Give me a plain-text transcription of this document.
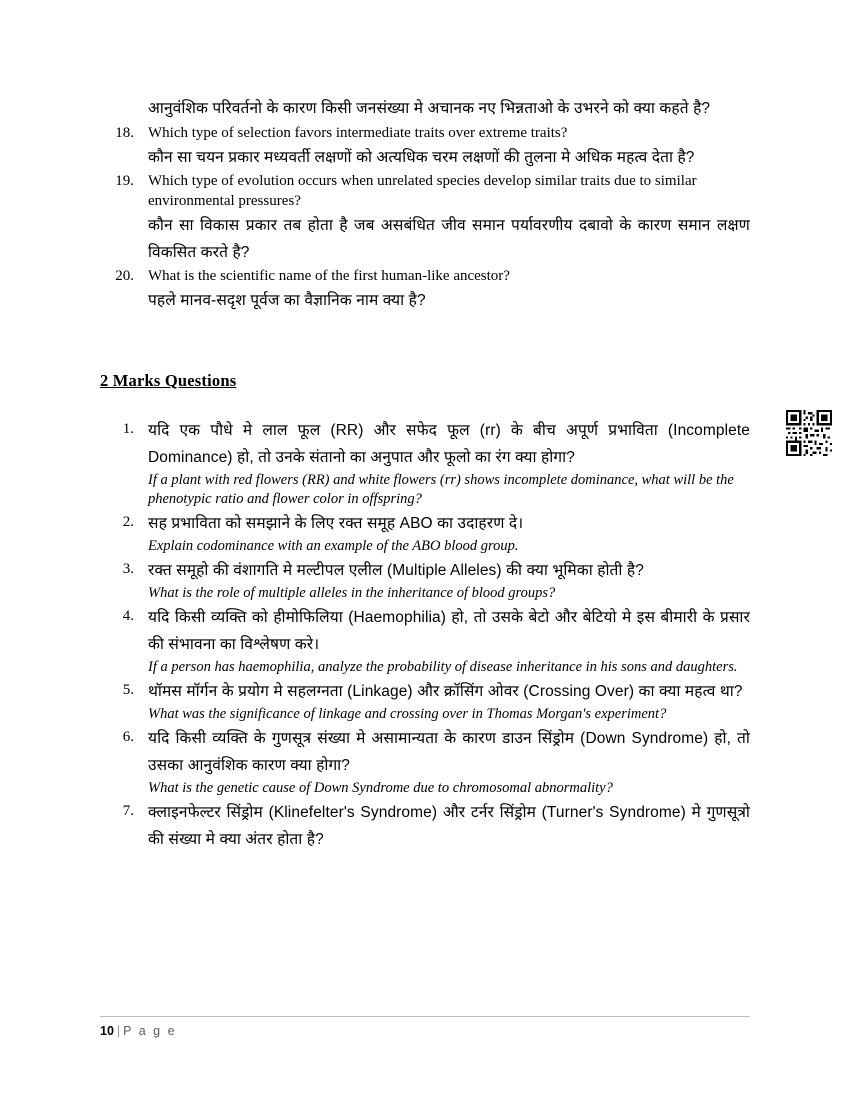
आनुवंशिक परिवर्तनो के कारण किसी जनसंख्या मे अचानक नए भिन्नताओ के उभरने को क्या कहते है?
18. Which type of selection favors intermediate traits over extreme traits?
कौन सा चयन प्रकार मध्यवर्ती लक्षणों को अत्यधिक चरम लक्षणों की तुलना मे अधिक महत्व देता है?
19. Which type of evolution occurs when unrelated species develop similar traits due to similar environmental pressures?
कौन सा विकास प्रकार तब होता है जब असबंधित जीव समान पर्यावरणीय दबावो के कारण समान लक्षण विकसित करते है?
20. What is the scientific name of the first human-like ancestor?
पहले मानव-सदृश पूर्वज का वैज्ञानिक नाम क्या है?
2 Marks Questions
1. यदि एक पौधे मे लाल फूल (RR) और सफेद फूल (rr) के बीच अपूर्ण प्रभाविता (Incomplete Dominance) हो, तो उनके संतानो का अनुपात और फूलो का रंग क्या होगा?
If a plant with red flowers (RR) and white flowers (rr) shows incomplete dominance, what will be the phenotypic ratio and flower color in offspring?
2. सह प्रभाविता को समझाने के लिए रक्त समूह ABO का उदाहरण दे।
Explain codominance with an example of the ABO blood group.
3. रक्त समूहो की वंशागति मे मल्टीपल एलील (Multiple Alleles) की क्या भूमिका होती है?
What is the role of multiple alleles in the inheritance of blood groups?
4. यदि किसी व्यक्ति को हीमोफिलिया (Haemophilia) हो, तो उसके बेटो और बेटियो मे इस बीमारी के प्रसार की संभावना का विश्लेषण करे।
If a person has haemophilia, analyze the probability of disease inheritance in his sons and daughters.
5. थॉमस मॉर्गन के प्रयोग मे सहलग्नता (Linkage) और क्रॉसिंग ओवर (Crossing Over) का क्या महत्व था?
What was the significance of linkage and crossing over in Thomas Morgan's experiment?
6. यदि किसी व्यक्ति के गुणसूत्र संख्या मे असामान्यता के कारण डाउन सिंड्रोम (Down Syndrome) हो, तो उसका आनुवंशिक कारण क्या होगा?
What is the genetic cause of Down Syndrome due to chromosomal abnormality?
7. क्लाइनफेल्टर सिंड्रोम (Klinefelter's Syndrome) और टर्नर सिंड्रोम (Turner's Syndrome) मे गुणसूत्रो की संख्या मे क्या अंतर होता है?
10 | P a g e
